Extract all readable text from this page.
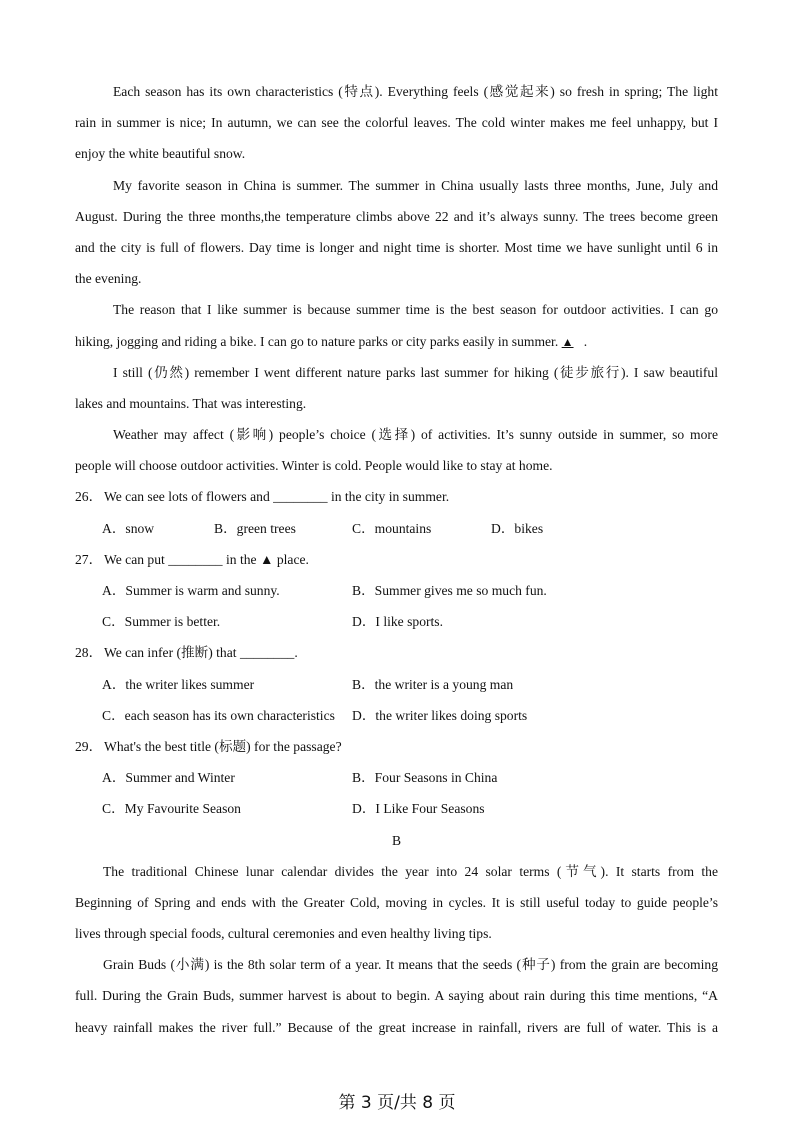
Each season has its own characteristics (特点). Everything feels (感觉起来) so fresh in spring; The light
rain in summer is nice; In autumn, we can see the colorful leaves. The cold winter makes me feel unhappy, but I
enjoy the white beautiful snow.
My favorite season in China is summer. The summer in China usually lasts three months, June, July and
August. During the three months,the temperature climbs above 22 and it’s always sunny. The trees become green
and the city is full of flowers. Day time is longer and night time is shorter. Most time we have sunlight until 6 in
the evening.
The reason that I like summer is because summer time is the best season for outdoor activities. I can go
hiking, jogging and riding a bike. I can go to nature parks or city parks easily in summer. ▲ .
I still (仍然) remember I went different nature parks last summer for hiking (徒步旅行). I saw beautiful
lakes and mountains. That was interesting.
Weather may affect (影响) people’s choice (选择) of activities. It’s sunny outside in summer, so more
people will choose outdoor activities. Winter is cold. People would like to stay at home.
26． We can see lots of flowers and ________ in the city in summer.
A．snow	B．green trees	C．mountains	D．bikes
27． We can put ________ in the ▲ place.
A．Summer is warm and sunny.	B．Summer gives me so much fun.
C．Summer is better.	D．I like sports.
28． We can infer (推断) that ________.
A．the writer likes summer	B．the writer is a young man
C．each season has its own characteristics D．the writer likes doing sports
29． What's the best title (标题) for the passage?
A．Summer and Winter	B．Four Seasons in China
C．My Favourite Season	D．I Like Four Seasons
B
The traditional Chinese lunar calendar divides the year into 24 solar terms (节气). It starts from the
Beginning of Spring and ends with the Greater Cold, moving in cycles. It is still useful today to guide people’s
lives through special foods, cultural ceremonies and even healthy living tips.
Grain Buds (小满) is the 8th solar term of a year. It means that the seeds (种子) from the grain are becoming
full. During the Grain Buds, summer harvest is about to begin. A saying about rain during this time mentions, “A
heavy rainfall makes the river full.” Because of the great increase in rainfall, rivers are full of water. This is a
第 3 页/共 8 页
